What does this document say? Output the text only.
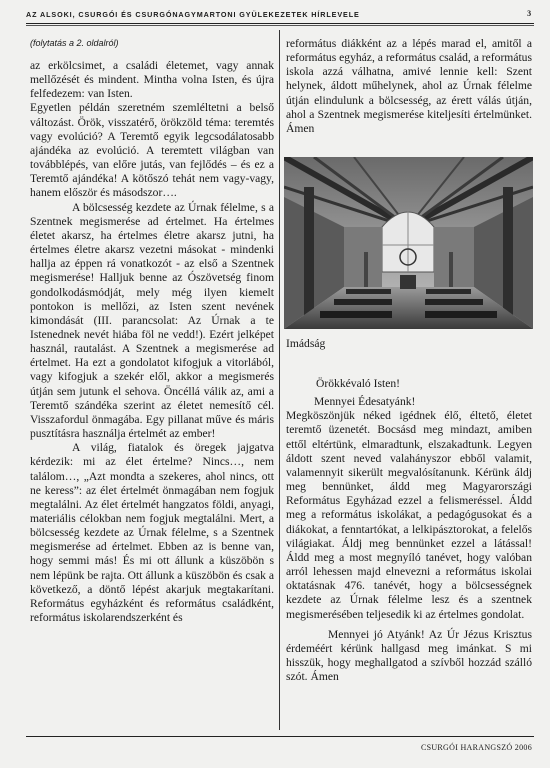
AZ ALSOKI, CSURGÓI ÉS CSURGÓNAGYMARTONI GYÜLEKEZETEK HÍRLEVELE	3
(folytatás a 2. oldalról)

az erkölcsimet, a családi életemet, vagy annak mellőzését és mindent. Mintha volna Isten, és újra felfedezem: van Isten.

Egyetlen példán szeretném szemléltetni a belső változást. Örök, visszatérő, örökzöld téma: teremtés vagy evolúció? A Teremtő egyik legcsodálatosabb ajándéka az evolúció. A teremtett világban van továbblépés, van előre jutás, van fejlődés – és ez a Teremtő ajándéka! A kötőszó tehát nem vagy-vagy, hanem először és másodszor….

A bölcsesség kezdete az Úrnak félelme, s a Szentnek megismerése ad értelmet. Ha értelmes életet akarsz, ha értelmes életre akarsz jutni, ha értelmes életre akarsz vezetni másokat - mindenki hallja az éppen rá vonatkozót - az első a Szentnek megismerése! Halljuk benne az Ószövetség finom gondolkodásmódját, mely még ilyen kiemelt pontokon is mellőzi, az Isten szent nevének kimondását (III. parancsolat: Az Úrnak a te Istenednek nevét hiába föl ne vedd!). Ezért jelképet használ, rautalást. A Szentnek a megismerése ad értelmet. Ha ezt a gondolatot kifogjuk a vitorlából, vagy kifogjuk a szekér elől, akkor a megismerés útján sem jutunk el sehova. Öncéllá válik az, ami a Teremtő szándéka szerint az életet nemesítő cél. Visszafordul önmagába. Egy pillanat műve és máris pusztításra használja értelmét az ember!

A világ, fiatalok és öregek jajgatva kérdezik: mi az élet értelme? Nincs…, nem találom…, „Azt mondta a szekeres, ahol nincs, ott ne keress”: az élet értelmét önmagában nem fogjuk megtalálni. Az élet értelmét hangzatos földi, anyagi, materiális célokban nem fogjuk megtalálni. Mert, a bölcsesség kezdete az Úrnak félelme, s a Szentnek megismerése ad értelmet. Ebben az is benne van, hogy semmi más! És mi ott állunk a küszöbön s nem lépünk be rajta. Ott állunk a küszöbön és csak a következő, a döntő lépést akarjuk megtakarítani. Református egyházként és református családként, református iskolarendszerként és

református diákként az a lépés marad el, amitől a református egyház, a református család, a református iskola azzá válhatna, amivé lennie kell: Szent helynek, áldott műhelynek, ahol az Úrnak félelme útján elindulunk a bölcsesség, az érett válás útján, ahol a Szentnek megismerése kiteljesíti értelmünket. Ámen

Imádság

Örökkévaló Isten!

Mennyei Édesatyánk!

Megköszönjük néked igédnek élő, éltető, életet teremtő üzenetét. Bocsásd meg mindazt, amiben ettől eltértünk, elmaradtunk, elszakadtunk. Legyen áldott szent neved valahányszor ebből valamit, valamennyit sikerült megvalósítanunk. Kérünk áldj meg bennünket, áldd meg Magyarországi Református Egyházad ezzel a felismeréssel. Áldd meg a református iskolákat, a pedagógusokat és a diákokat, a fenntartókat, a lelkipásztorokat, a felelős világiakat. Áldj meg bennünket ezzel a látással! Áldd meg a most megnyíló tanévet, hogy valóban arról lehessen majd elnevezni a református iskolai oktatásnak 476. tanévét, hogy a bölcsességnek kezdete az Úrnak félelme lesz és a szentnek megismerésében teljesedik ki az értelmes gondolat.

Mennyei jó Atyánk! Az Úr Jézus Krisztus érdeméért kérünk hallgasd meg imánkat. S mi hisszük, hogy meghallgatod a szívből hozzád szálló szót. Ámen

CSURGÓI HARANGSZÓ 2006
